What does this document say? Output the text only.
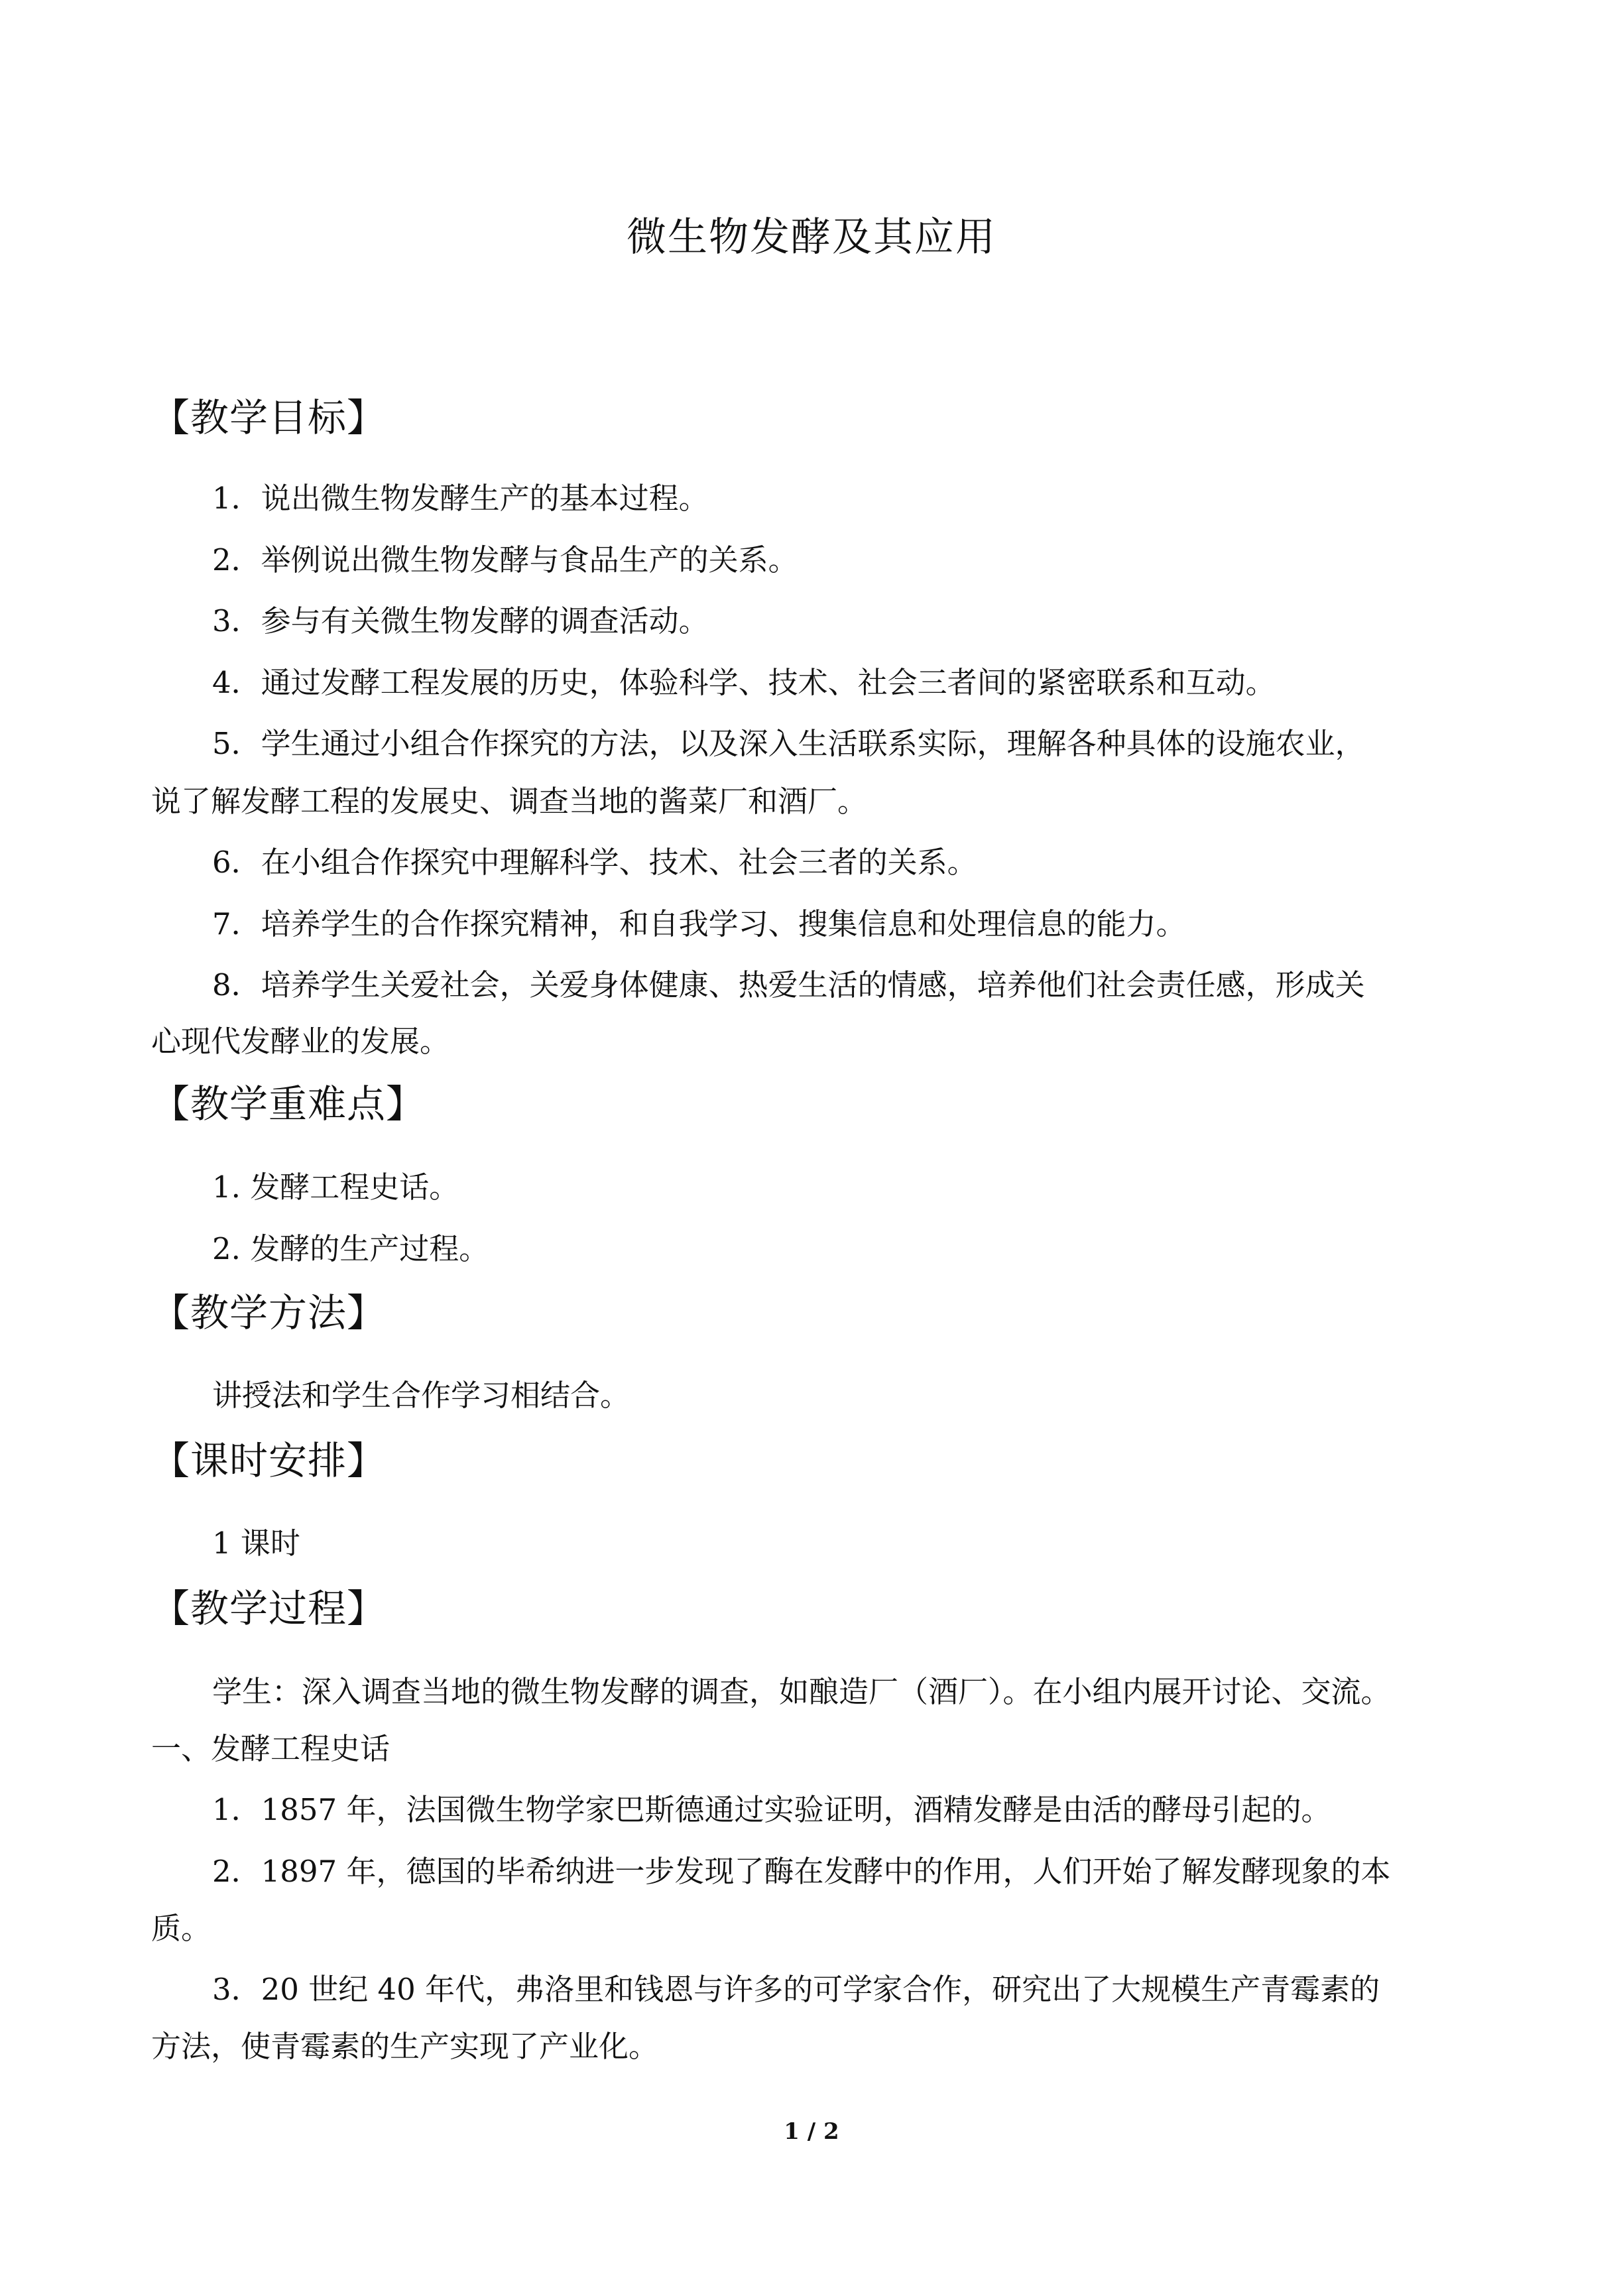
微生物发酵及其应用
【教学目标】
1．说出微生物发酵生产的基本过程。
2．举例说出微生物发酵与食品生产的关系。
3．参与有关微生物发酵的调查活动。
4．通过发酵工程发展的历史，体验科学、技术、社会三者间的紧密联系和互动。
5．学生通过小组合作探究的方法，以及深入生活联系实际，理解各种具体的设施农业，
说了解发酵工程的发展史、调查当地的酱菜厂和酒厂。
6．在小组合作探究中理解科学、技术、社会三者的关系。
7．培养学生的合作探究精神，和自我学习、搜集信息和处理信息的能力。
8．培养学生关爱社会，关爱身体健康、热爱生活的情感，培养他们社会责任感，形成关
心现代发酵业的发展。
【教学重难点】
1. 发酵工程史话。
2. 发酵的生产过程。
【教学方法】
讲授法和学生合作学习相结合。
【课时安排】
1 课时
【教学过程】
学生：深入调查当地的微生物发酵的调查，如酿造厂（酒厂）。在小组内展开讨论、交流。
一、发酵工程史话
1．1857 年，法国微生物学家巴斯德通过实验证明，酒精发酵是由活的酵母引起的。
2．1897 年，德国的毕希纳进一步发现了酶在发酵中的作用，人们开始了解发酵现象的本
质。
3．20 世纪 40 年代，弗洛里和钱恩与许多的可学家合作，研究出了大规模生产青霉素的
方法，使青霉素的生产实现了产业化。
1 / 2
